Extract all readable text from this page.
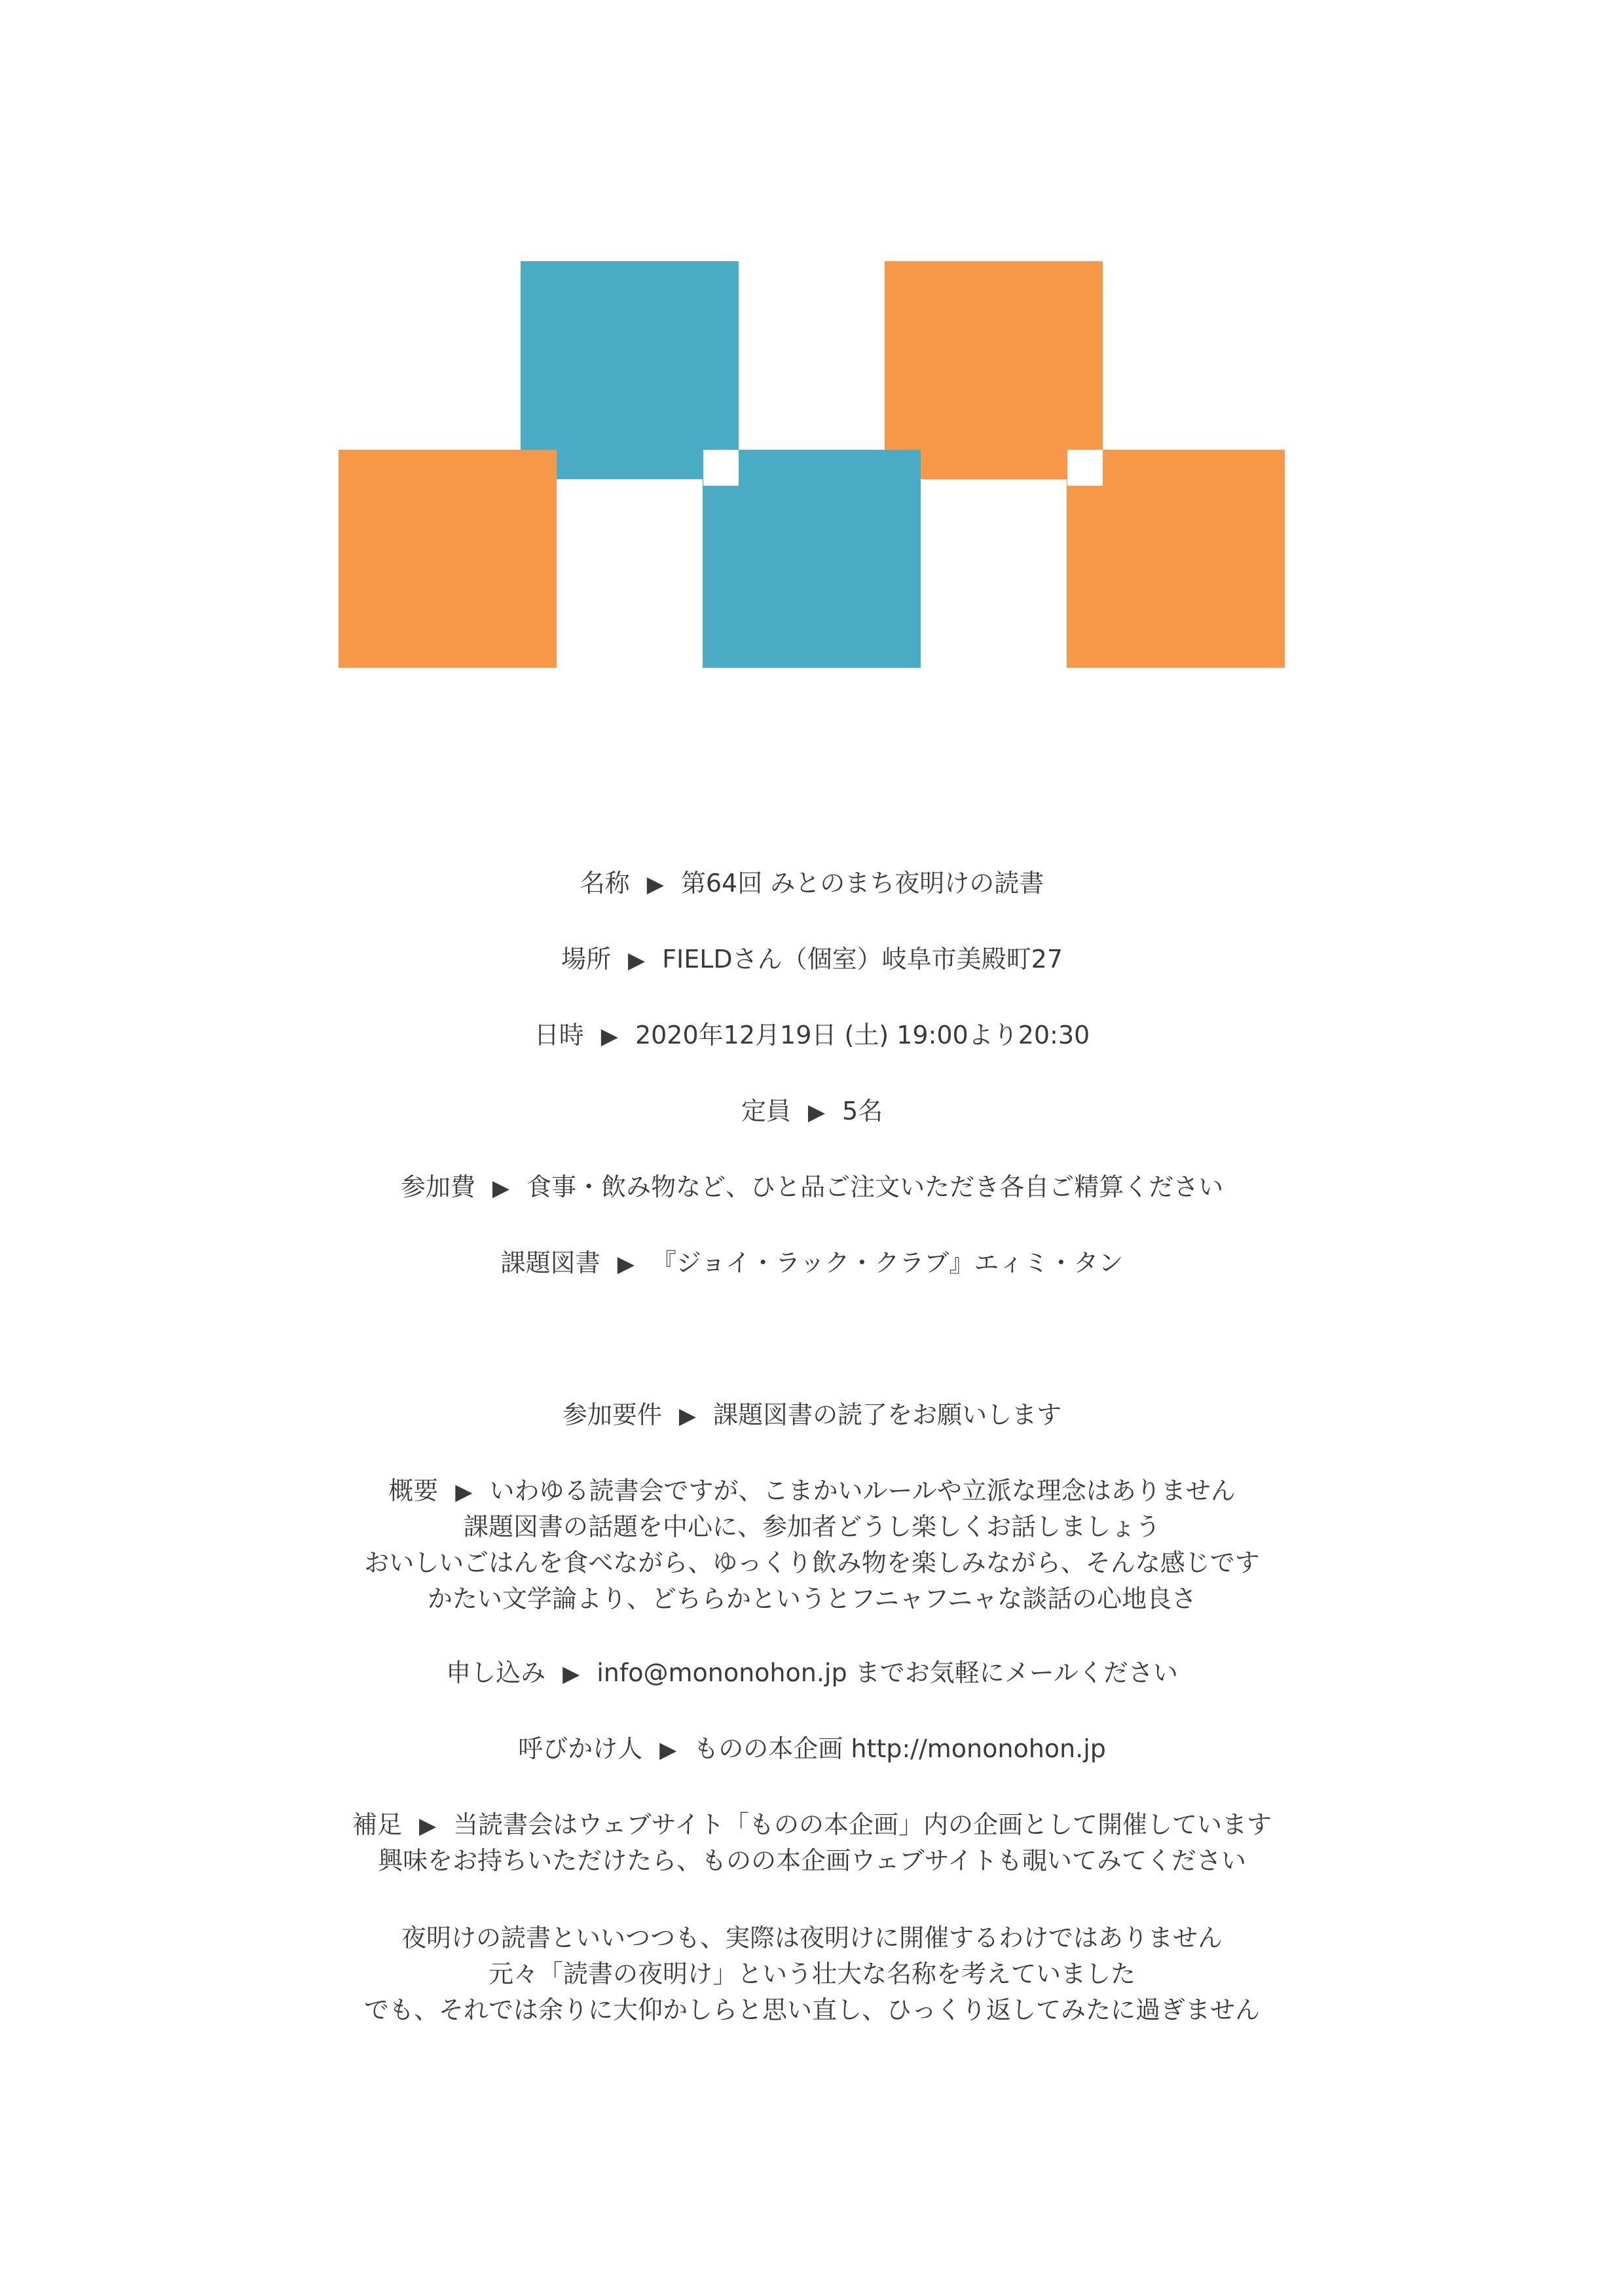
名称 ▶ 第64回 みとのまち夜明けの読書
場所 ▶ FIELDさん（個室）岐阜市美殿町27
日時 ▶ 2020年12月19日 (土) 19:00より20:30
定員 ▶ 5名
参加費 ▶ 食事・飲み物など、ひと品ご注文いただき各自ご精算ください
課題図書 ▶ 『ジョイ・ラック・クラブ』エィミ・タン
参加要件 ▶ 課題図書の読了をお願いします
概要 ▶ いわゆる読書会ですが、こまかいルールや立派な理念はありません
課題図書の話題を中心に、参加者どうし楽しくお話しましょう
おいしいごはんを食べながら、ゆっくり飲み物を楽しみながら、そんな感じです
かたい文学論より、どちらかというとフニャフニャな談話の心地良さ
申し込み ▶ info@mononohon.jp までお気軽にメールください
呼びかけ人 ▶ ものの本企画 http://mononohon.jp
補足 ▶ 当読書会はウェブサイト「ものの本企画」内の企画として開催しています
興味をお持ちいただけたら、ものの本企画ウェブサイトも覗いてみてください
夜明けの読書といいつつも、実際は夜明けに開催するわけではありません
元々「読書の夜明け」という壮大な名称を考えていました
でも、それでは余りに大仰かしらと思い直し、ひっくり返してみたに過ぎません
